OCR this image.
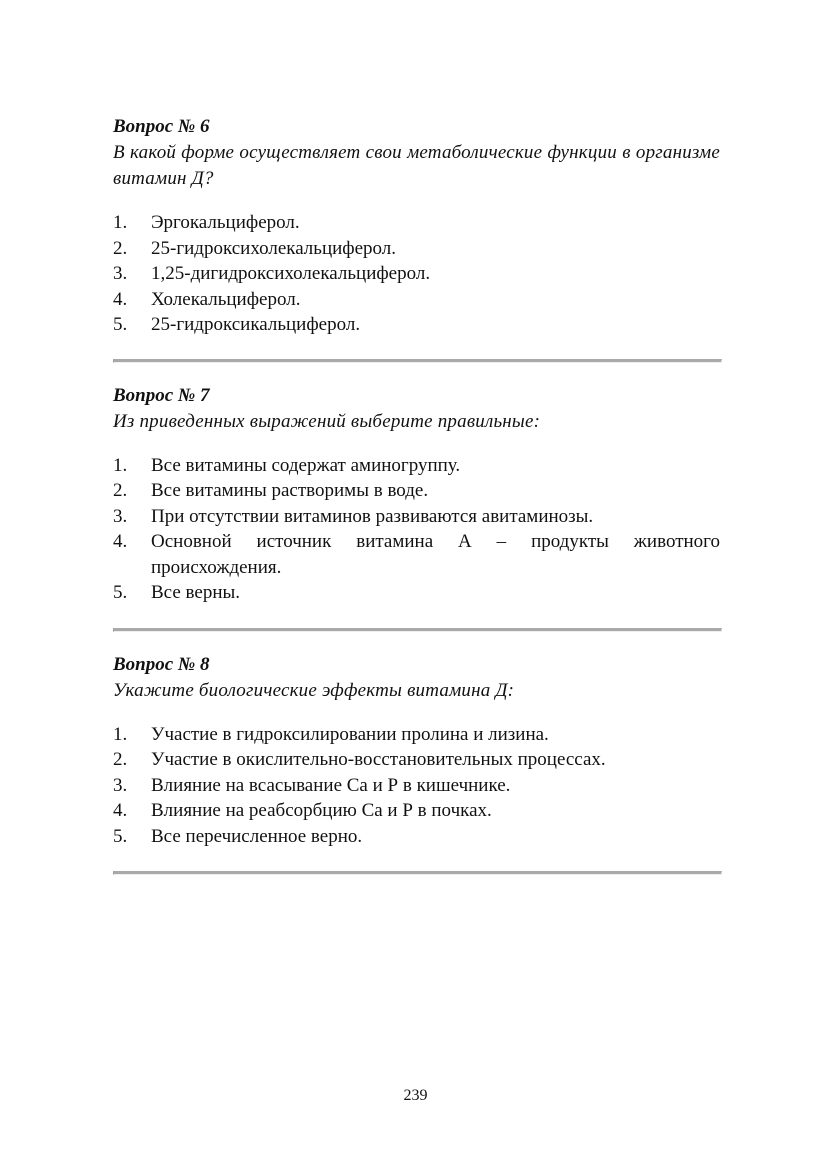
Вопрос № 6

В какой форме осуществляет свои метаболические функции в организме витамин Д?

1.	Эргокальциферол.
2.	25-гидроксихолекальциферол.
3.	1,25-дигидроксихолекальциферол.
4.	Холекальциферол.
5.	25-гидроксикальциферол.

Вопрос № 7

Из приведенных выражений выберите правильные:

1.	Все витамины содержат аминогруппу.
2.	Все витамины растворимы в воде.
3.	При отсутствии витаминов развиваются авитаминозы.
4.	Основной источник витамина А – продукты животного происхождения.
5.	Все верны.

Вопрос № 8

Укажите биологические эффекты витамина Д:

1.	Участие в гидроксилировании пролина и лизина.
2.	Участие в окислительно-восстановительных процессах.
3.	Влияние на всасывание Са и Р в кишечнике.
4.	Влияние на реабсорбцию Са и Р в почках.
5.	Все перечисленное верно.
239
